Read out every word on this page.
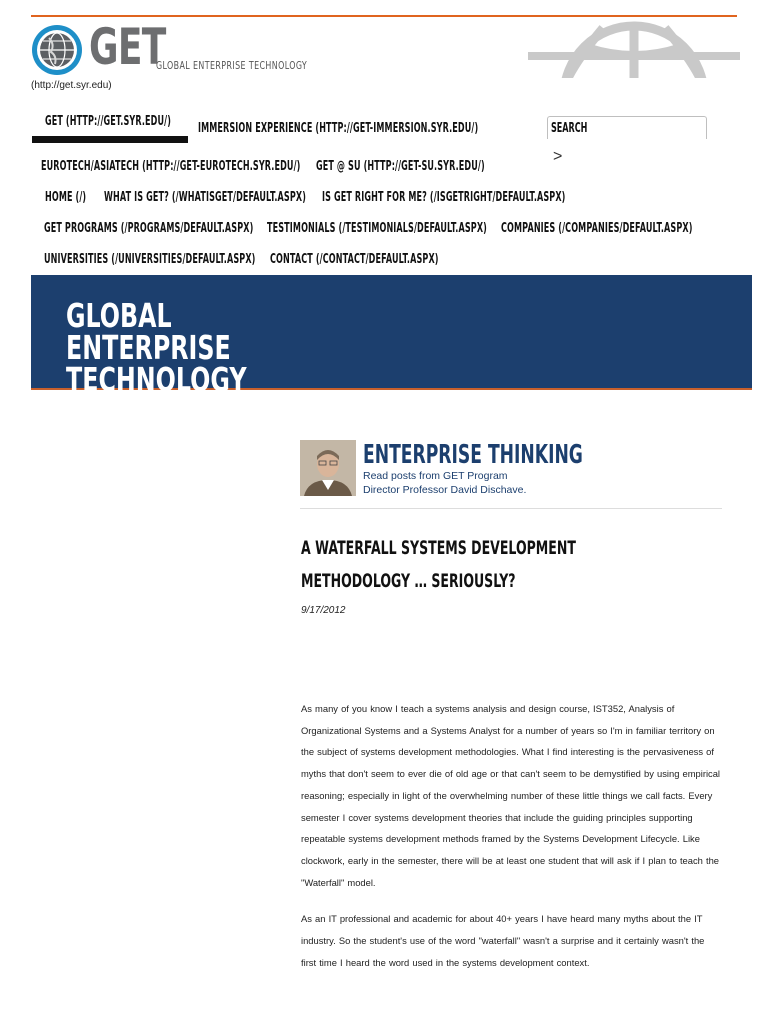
GET
GLOBAL ENTERPRISE TECHNOLOGY
(http://get.syr.edu)
GET (HTTP://GET.SYR.EDU/) IMMERSION EXPERIENCE (HTTP://GET-IMMERSION.SYR.EDU/)	SEARCH
>
EUROTECH/ASIATECH (HTTP://GET-EUROTECH.SYR.EDU/) GET @ SU (HTTP://GET-SU.SYR.EDU/)
HOME (/) WHAT IS GET? (/WHATISGET/DEFAULT.ASPX) IS GET RIGHT FOR ME? (/ISGETRIGHT/DEFAULT.ASPX)
GET PROGRAMS (/PROGRAMS/DEFAULT.ASPX) TESTIMONIALS (/TESTIMONIALS/DEFAULT.ASPX) COMPANIES (/COMPANIES/DEFAULT.ASPX)
UNIVERSITIES (/UNIVERSITIES/DEFAULT.ASPX) CONTACT (/CONTACT/DEFAULT.ASPX)
GLOBAL ENTERPRISE TECHNOLOGY
ENTERPRISE THINKING
Read posts from GET Program Director Professor David Dischave.
A WATERFALL SYSTEMS DEVELOPMENT METHODOLOGY … SERIOUSLY?
9/17/2012

As many of you know I teach a systems analysis and design course, IST352, Analysis of Organizational Systems and a Systems Analyst for a number of years so I'm in familiar territory on the subject of systems development methodologies. What I find interesting is the pervasiveness of myths that don't seem to ever die of old age or that can't seem to be demystified by using empirical reasoning; especially in light of the overwhelming number of these little things we call facts. Every semester I cover systems development theories that include the guiding principles supporting repeatable systems development methods framed by the Systems Development Lifecycle. Like clockwork, early in the semester, there will be at least one student that will ask if I plan to teach the "Waterfall" model.

As an IT professional and academic for about 40+ years I have heard many myths about the IT industry. So the student's use of the word "waterfall" wasn't a surprise and it certainly wasn't the first time I heard the word used in the systems development context.
